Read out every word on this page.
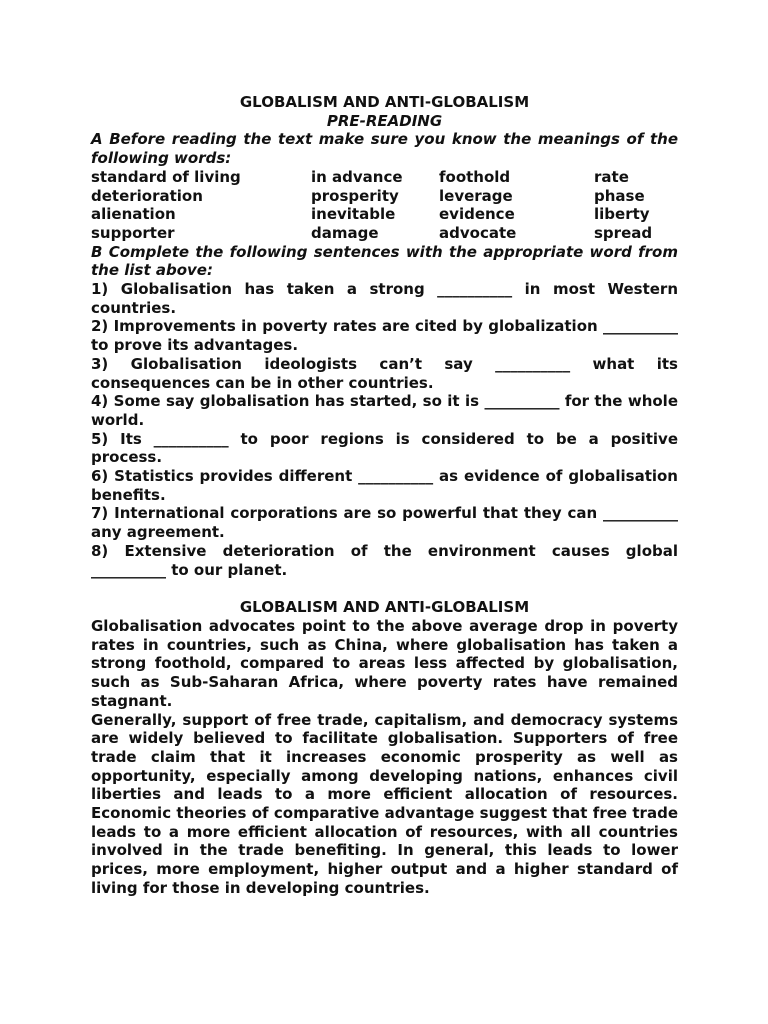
GLOBALISM AND ANTI-GLOBALISM

PRE-READING

A Before reading the text make sure you know the meanings of the following words:

standard of living	in advance	foothold	rate
deterioration	prosperity	leverage	phase
alienation	inevitable	evidence	liberty
supporter	damage	advocate	spread

B Complete the following sentences with the appropriate word from the list above:

1) Globalisation has taken a strong __________ in most Western countries.

2) Improvements in poverty rates are cited by globalization __________ to prove its advantages.

3) Globalisation ideologists can’t say __________ what its consequences can be in other countries.

4) Some say globalisation has started, so it is __________ for the whole world.

5) Its __________ to poor regions is considered to be a positive process.

6) Statistics provides different __________ as evidence of globalisation benefits.

7) International corporations are so powerful that they can __________ any agreement.

8) Extensive deterioration of the environment causes global __________ to our planet.

GLOBALISM AND ANTI-GLOBALISM

Globalisation advocates point to the above average drop in poverty rates in countries, such as China, where globalisation has taken a strong foothold, compared to areas less affected by globalisation, such as Sub-Saharan Africa, where poverty rates have remained stagnant.

Generally, support of free trade, capitalism, and democracy systems are widely believed to facilitate globalisation. Supporters of free trade claim that it increases economic prosperity as well as opportunity, especially among developing nations, enhances civil liberties and leads to a more efficient allocation of resources. Economic theories of comparative advantage suggest that free trade leads to a more efficient allocation of resources, with all countries involved in the trade benefiting. In general, this leads to lower prices, more employment, higher output and a higher standard of living for those in developing countries.
